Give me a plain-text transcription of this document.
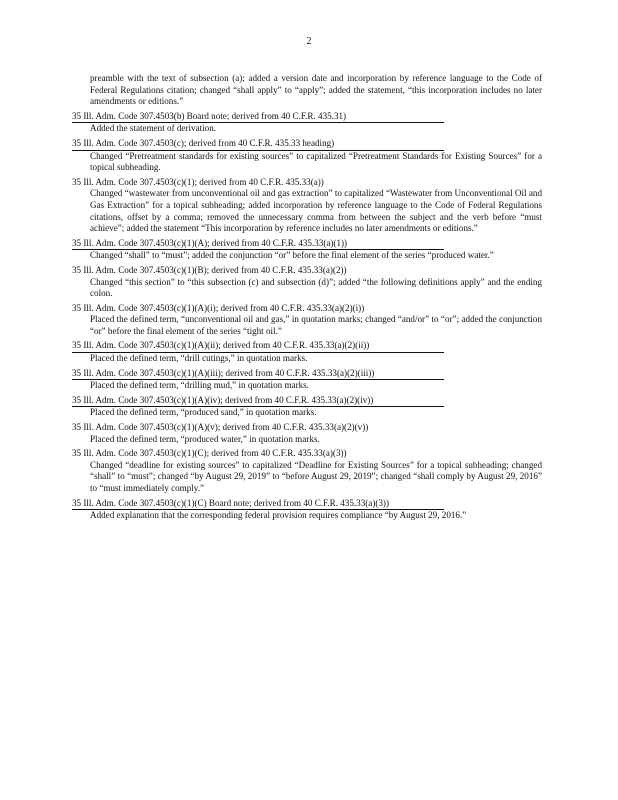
2
preamble with the text of subsection (a); added a version date and incorporation by reference language to the Code of Federal Regulations citation; changed “shall apply” to “apply”; added the statement, “this incorporation includes no later amendments or editions.”
35 Ill. Adm. Code 307.4503(b) Board note; derived from 40 C.F.R. 435.31)
Added the statement of derivation.
35 Ill. Adm. Code 307.4503(c); derived from 40 C.F.R. 435.33 heading)
Changed “Pretreatment standards for existing sources” to capitalized “Pretreatment Standards for Existing Sources” for a topical subheading.
35 Ill. Adm. Code 307.4503(c)(1); derived from 40 C.F.R. 435.33(a))
Changed “wastewater from unconventional oil and gas extraction” to capitalized “Wastewater from Unconventional Oil and Gas Extraction” for a topical subheading; added incorporation by reference language to the Code of Federal Regulations citations, offset by a comma; removed the unnecessary comma from between the subject and the verb before “must achieve”; added the statement “This incorporation by reference includes no later amendments or editions.”
35 Ill. Adm. Code 307.4503(c)(1)(A); derived from 40 C.F.R. 435.33(a)(1))
Changed “shall” to “must”; added the conjunction “or” before the final element of the series “produced water.”
35 Ill. Adm. Code 307.4503(c)(1)(B); derived from 40 C.F.R. 435.33(a)(2))
Changed “this section” to “this subsection (c) and subsection (d)”; added “the following definitions apply” and the ending colon.
35 Ill. Adm. Code 307.4503(c)(1)(A)(i); derived from 40 C.F.R. 435.33(a)(2)(i))
Placed the defined term, “unconventional oil and gas,” in quotation marks; changed “and/or” to “or”; added the conjunction “or” before the final element of the series “tight oil.”
35 Ill. Adm. Code 307.4503(c)(1)(A)(ii); derived from 40 C.F.R. 435.33(a)(2)(ii))
Placed the defined term, “drill cutings,” in quotation marks.
35 Ill. Adm. Code 307.4503(c)(1)(A)(iii); derived from 40 C.F.R. 435.33(a)(2)(iii))
Placed the defined term, “drilling mud,” in quotation marks.
35 Ill. Adm. Code 307.4503(c)(1)(A)(iv); derived from 40 C.F.R. 435.33(a)(2)(iv))
Placed the defined term, “produced sand,” in quotation marks.
35 Ill. Adm. Code 307.4503(c)(1)(A)(v); derived from 40 C.F.R. 435.33(a)(2)(v))
Placed the defined term, “produced water,” in quotation marks.
35 Ill. Adm. Code 307.4503(c)(1)(C); derived from 40 C.F.R. 435.33(a)(3))
Changed “deadline for existing sources” to capitalized “Deadline for Existing Sources” for a topical subheading; changed “shall” to “must”; changed “by August 29, 2019” to “before August 29, 2019”; changed “shall comply by August 29, 2016” to “must immediately comply.”
35 Ill. Adm. Code 307.4503(c)(1)(C) Board note; derived from 40 C.F.R. 435.33(a)(3))
Added explanation that the corresponding federal provision requires compliance “by August 29, 2016.”
